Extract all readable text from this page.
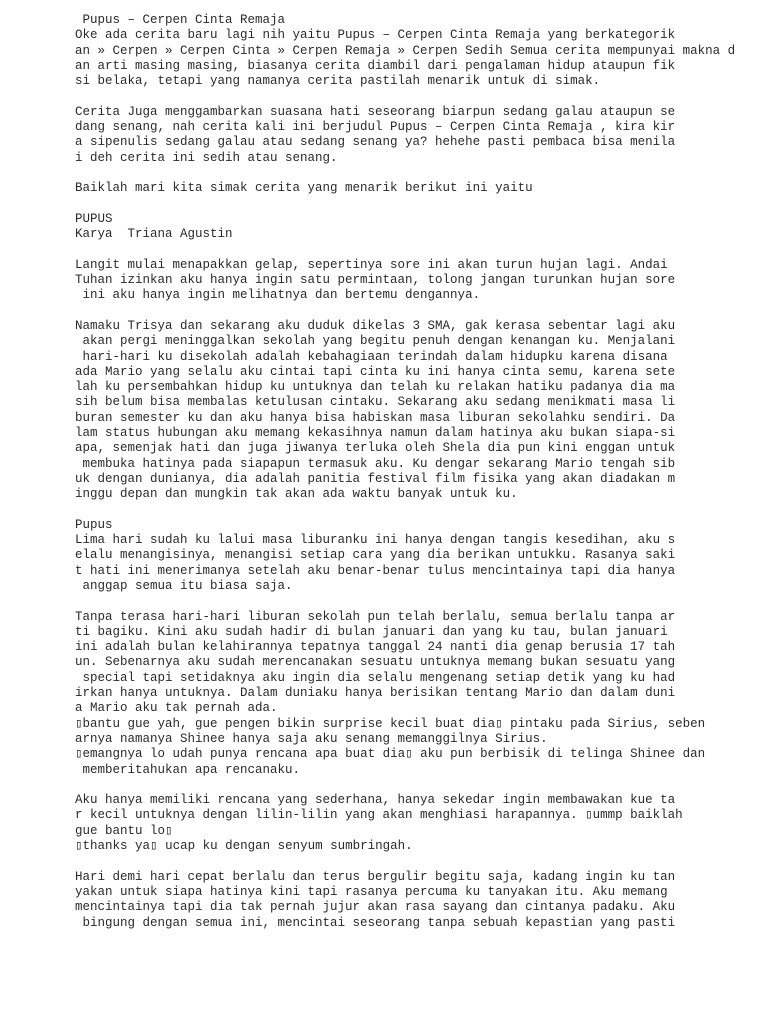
Pupus – Cerpen Cinta Remaja
Oke ada cerita baru lagi nih yaitu Pupus – Cerpen Cinta Remaja yang berkategorik
an » Cerpen » Cerpen Cinta » Cerpen Remaja » Cerpen Sedih Semua cerita mempunyai makna d
an arti masing masing, biasanya cerita diambil dari pengalaman hidup ataupun fik
si belaka, tetapi yang namanya cerita pastilah menarik untuk di simak.
Cerita Juga menggambarkan suasana hati seseorang biarpun sedang galau ataupun se
dang senang, nah cerita kali ini berjudul Pupus – Cerpen Cinta Remaja , kira kir
a sipenulis sedang galau atau sedang senang ya? hehehe pasti pembaca bisa menila
i deh cerita ini sedih atau senang.
Baiklah mari kita simak cerita yang menarik berikut ini yaitu
PUPUS
Karya  Triana Agustin
Langit mulai menapakkan gelap, sepertinya sore ini akan turun hujan lagi. Andai
Tuhan izinkan aku hanya ingin satu permintaan, tolong jangan turunkan hujan sore
ini aku hanya ingin melihatnya dan bertemu dengannya.
Namaku Trisya dan sekarang aku duduk dikelas 3 SMA, gak kerasa sebentar lagi aku
akan pergi meninggalkan sekolah yang begitu penuh dengan kenangan ku. Menjalani
hari-hari ku disekolah adalah kebahagiaan terindah dalam hidupku karena disana
ada Mario yang selalu aku cintai tapi cinta ku ini hanya cinta semu, karena sete
lah ku persembahkan hidup ku untuknya dan telah ku relakan hatiku padanya dia ma
sih belum bisa membalas ketulusan cintaku. Sekarang aku sedang menikmati masa li
buran semester ku dan aku hanya bisa habiskan masa liburan sekolahku sendiri. Da
lam status hubungan aku memang kekasihnya namun dalam hatinya aku bukan siapa-si
apa, semenjak hati dan juga jiwanya terluka oleh Shela dia pun kini enggan untuk
membuka hatinya pada siapapun termasuk aku. Ku dengar sekarang Mario tengah sib
uk dengan dunianya, dia adalah panitia festival film fisika yang akan diadakan m
inggu depan dan mungkin tak akan ada waktu banyak untuk ku.
Pupus
Lima hari sudah ku lalui masa liburanku ini hanya dengan tangis kesedihan, aku s
elalu menangisinya, menangisi setiap cara yang dia berikan untukku. Rasanya saki
t hati ini menerimanya setelah aku benar-benar tulus mencintainya tapi dia hanya
anggap semua itu biasa saja.
Tanpa terasa hari-hari liburan sekolah pun telah berlalu, semua berlalu tanpa ar
ti bagiku. Kini aku sudah hadir di bulan januari dan yang ku tau, bulan januari
ini adalah bulan kelahirannya tepatnya tanggal 24 nanti dia genap berusia 17 tah
un. Sebenarnya aku sudah merencanakan sesuatu untuknya memang bukan sesuatu yang
special tapi setidaknya aku ingin dia selalu mengenang setiap detik yang ku had
irkan hanya untuknya. Dalam duniaku hanya berisikan tentang Mario dan dalam duni
a Mario aku tak pernah ada.
▯bantu gue yah, gue pengen bikin surprise kecil buat dia▯ pintaku pada Sirius, seben
arnya namanya Shinee hanya saja aku senang memanggilnya Sirius.
▯emangnya lo udah punya rencana apa buat dia▯ aku pun berbisik di telinga Shinee dan
memberitahukan apa rencanaku.
Aku hanya memiliki rencana yang sederhana, hanya sekedar ingin membawakan kue ta
r kecil untuknya dengan lilin-lilin yang akan menghiasi harapannya. ▯ummp baiklah
gue bantu lo▯
▯thanks ya▯ ucap ku dengan senyum sumbringah.
Hari demi hari cepat berlalu dan terus bergulir begitu saja, kadang ingin ku tan
yakan untuk siapa hatinya kini tapi rasanya percuma ku tanyakan itu. Aku memang
mencintainya tapi dia tak pernah jujur akan rasa sayang dan cintanya padaku. Aku
bingung dengan semua ini, mencintai seseorang tanpa sebuah kepastian yang pasti
